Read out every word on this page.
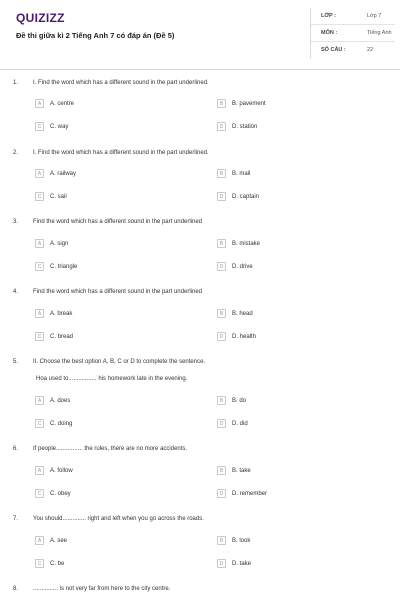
QUIZIZZ
Đề thi giữa kì 2 Tiếng Anh 7 có đáp án (Đề 5)
LỚP :	Lớp 7
MÔN :	Tiếng Anh
SỐ CÂU :	22
1. I. Find the word which has a different sound in the part underlined.
A	A. centre	B	B. pavement
C	C. way	D	D. station
2. I. Find the word which has a different sound in the part underlined.
A	A. railway	B	B. mail
C	C. sail	D	D. captain
3. Find the word which has a different sound in the part underlined
A	A. sign	B	B. mistake
C	C. triangle	D	D. drive
4. Find the word which has a different sound in the part underlined
A	A. break	B	B. head
C	C. bread	D	D. health
5. II. Choose the best option A, B, C or D to complete the sentence.
Hoa used to................. his homework late in the evening.
A	A. does	B	B. do
C	C. doing	D	D. did
6. If people................ the rules, there are no more accidents.
A	A. follow	B	B. take
C	C. obey	D	D. remember
7. You should.............. right and left when you go across the roads.
A	A. see	B	B. look
C	C. be	D	D. take
8. ............... is not very far from here to the city centre.
